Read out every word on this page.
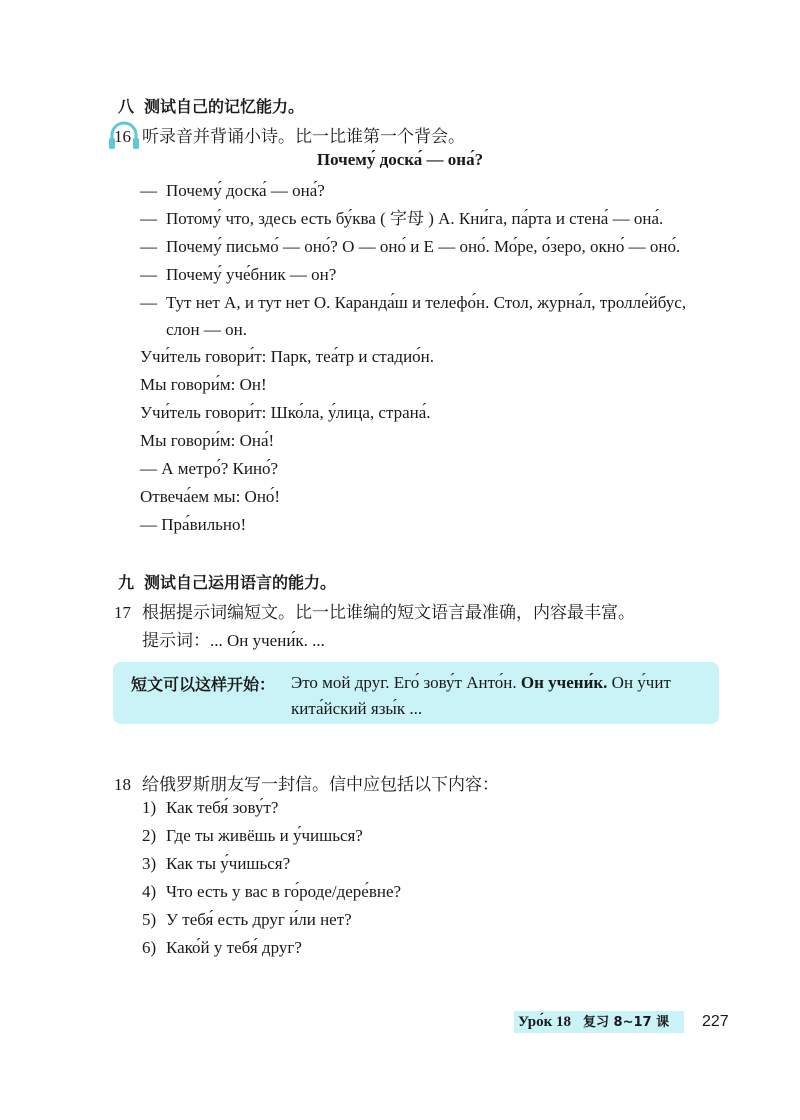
八 测试自己的记忆能力。
16 听录音并背诵小诗。比一比谁第一个背会。
Почему́ доска́ — она́?
— Почему́ доска́ — она́?
— Потому́ что, здесь есть бу́ква ( 字母 ) А. Кни́га, па́рта и стена́ — она́.
— Почему́ письмо́ — оно́? О — оно́ и Е — оно́. Мо́ре, о́зеро, окно́ — оно́.
— Почему́ уче́бник — он?
— Тут нет А, и тут нет О. Каранда́ш и телефо́н. Стол, журна́л, тролле́йбус,
слон — он.
Учи́тель говори́т: Парк, теа́тр и стадио́н.
Мы говори́м: Он!
Учи́тель говори́т: Шко́ла, у́лица, страна́.
Мы говори́м: Она́!
— А метро́? Кино́?
Отвеча́ем мы: Оно́!
— Пра́вильно!
九 测试自己运用语言的能力。
17 根据提示词编短文。比一比谁编的短文语言最准确，内容最丰富。
提示词：... Он учени́к. ...
短文可以这样开始： Это мой друг. Его́ зову́т Анто́н. Он учени́к. Он у́чит кита́йский язы́к ...
18 给俄罗斯朋友写一封信。信中应包括以下内容：
1) Как тебя́ зову́т?
2) Где ты живёшь и у́чишься?
3) Как ты у́чишься?
4) Что есть у вас в го́роде/дере́вне?
5) У тебя́ есть друг и́ли нет?
6) Како́й у тебя́ друг?
Уро́к 18 复习 8~17 课	227
